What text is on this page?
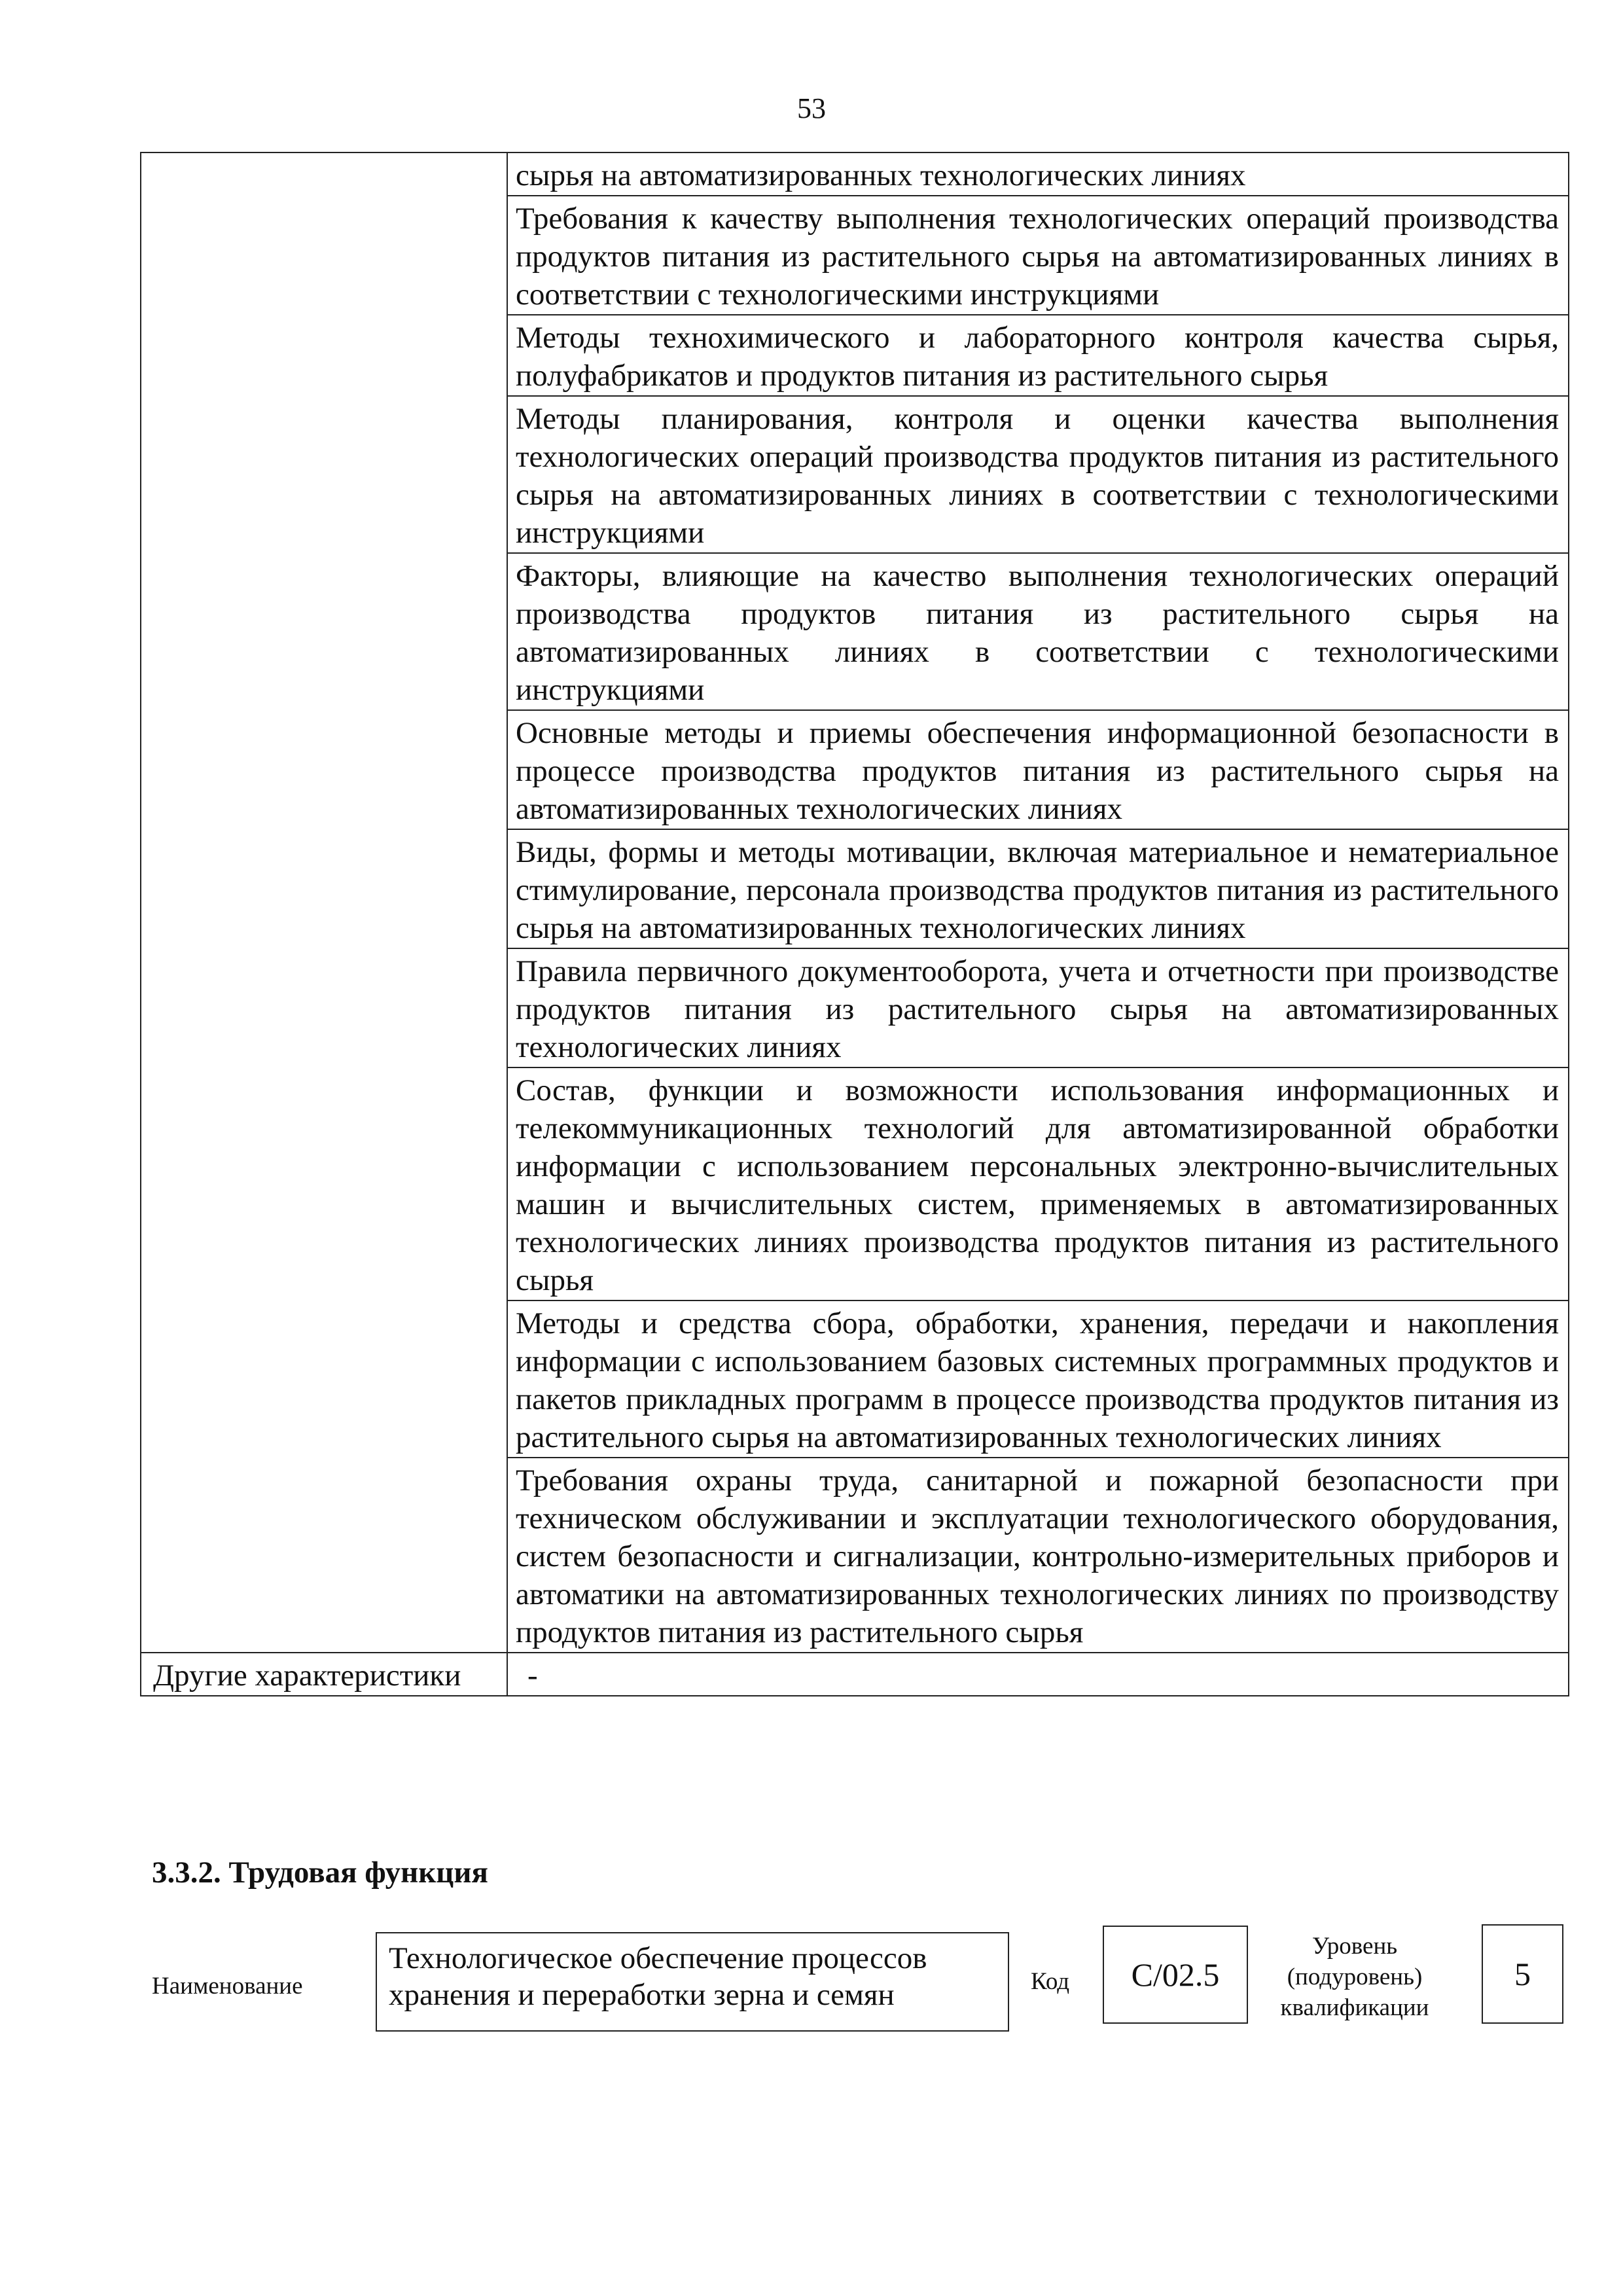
53
	сырья на автоматизированных технологических линиях
	Требования к качеству выполнения технологических операций производства продуктов питания из растительного сырья на автоматизированных линиях в соответствии с технологическими инструкциями
	Методы технохимического и лабораторного контроля качества сырья, полуфабрикатов и продуктов питания из растительного сырья
	Методы планирования, контроля и оценки качества выполнения технологических операций производства продуктов питания из растительного сырья на автоматизированных линиях в соответствии с технологическими инструкциями
	Факторы, влияющие на качество выполнения технологических операций производства продуктов питания из растительного сырья на автоматизированных линиях в соответствии с технологическими инструкциями
	Основные методы и приемы обеспечения информационной безопасности в процессе производства продуктов питания из растительного сырья на автоматизированных технологических линиях
	Виды, формы и методы мотивации, включая материальное и нематериальное стимулирование, персонала производства продуктов питания из растительного сырья на автоматизированных технологических линиях
	Правила первичного документооборота, учета и отчетности при производстве продуктов питания из растительного сырья на автоматизированных технологических линиях
	Состав, функции и возможности использования информационных и телекоммуникационных технологий для автоматизированной обработки информации с использованием персональных электронно-вычислительных машин и вычислительных систем, применяемых в автоматизированных технологических линиях производства продуктов питания из растительного сырья
	Методы и средства сбора, обработки, хранения, передачи и накопления информации с использованием базовых системных программных продуктов и пакетов прикладных программ в процессе производства продуктов питания из растительного сырья на автоматизированных технологических линиях
	Требования охраны труда, санитарной и пожарной безопасности при техническом обслуживании и эксплуатации технологического оборудования, систем безопасности и сигнализации, контрольно-измерительных приборов и автоматики на автоматизированных технологических линиях по производству продуктов питания из растительного сырья
Другие характеристики	-
3.3.2. Трудовая функция
Наименование
Технологическое обеспечение процессов хранения и переработки зерна и семян	Код	C/02.5
Уровень
(подуровень)
квалификации
5
